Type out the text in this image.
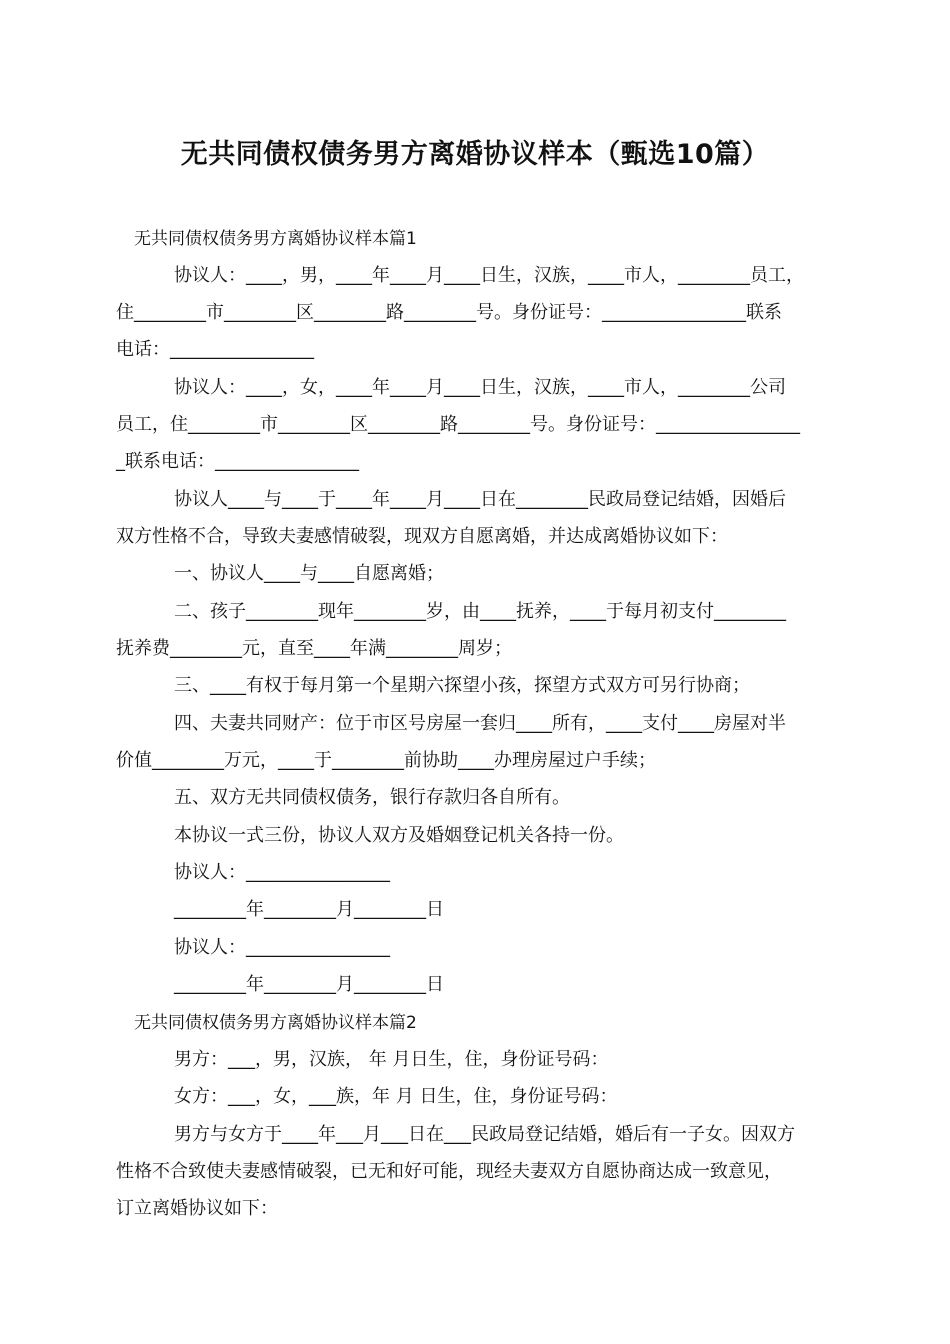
无共同债权债务男方离婚协议样本（甄选10篇）
无共同债权债务男方离婚协议样本篇1
协议人：____，男，____年____月____日生，汉族，____市人，________员工，
住________市________区________路________号。身份证号：________________联系
电话：________________
协议人：____，女，____年____月____日生，汉族，____市人，________公司
员工，住________市________区________路________号。身份证号：________________
_联系电话：________________
协议人____与____于____年____月____日在________民政局登记结婚，因婚后
双方性格不合，导致夫妻感情破裂，现双方自愿离婚，并达成离婚协议如下：
一、协议人____与____自愿离婚；
二、孩子________现年________岁，由____抚养，____于每月初支付________
抚养费________元，直至____年满________周岁；
三、____有权于每月第一个星期六探望小孩，探望方式双方可另行协商；
四、夫妻共同财产：位于市区号房屋一套归____所有，____支付____房屋对半
价值________万元，____于________前协助____办理房屋过户手续；
五、双方无共同债权债务，银行存款归各自所有。
本协议一式三份，协议人双方及婚姻登记机关各持一份。
协议人：________________
________年________月________日
协议人：________________
________年________月________日
无共同债权债务男方离婚协议样本篇2
男方：___，男，汉族， 年 月日生，住，身份证号码：
女方：___，女，___族，年 月 日生，住，身份证号码：
男方与女方于____年___月___日在___民政局登记结婚，婚后有一子女。因双方
性格不合致使夫妻感情破裂，已无和好可能，现经夫妻双方自愿协商达成一致意见，
订立离婚协议如下：
